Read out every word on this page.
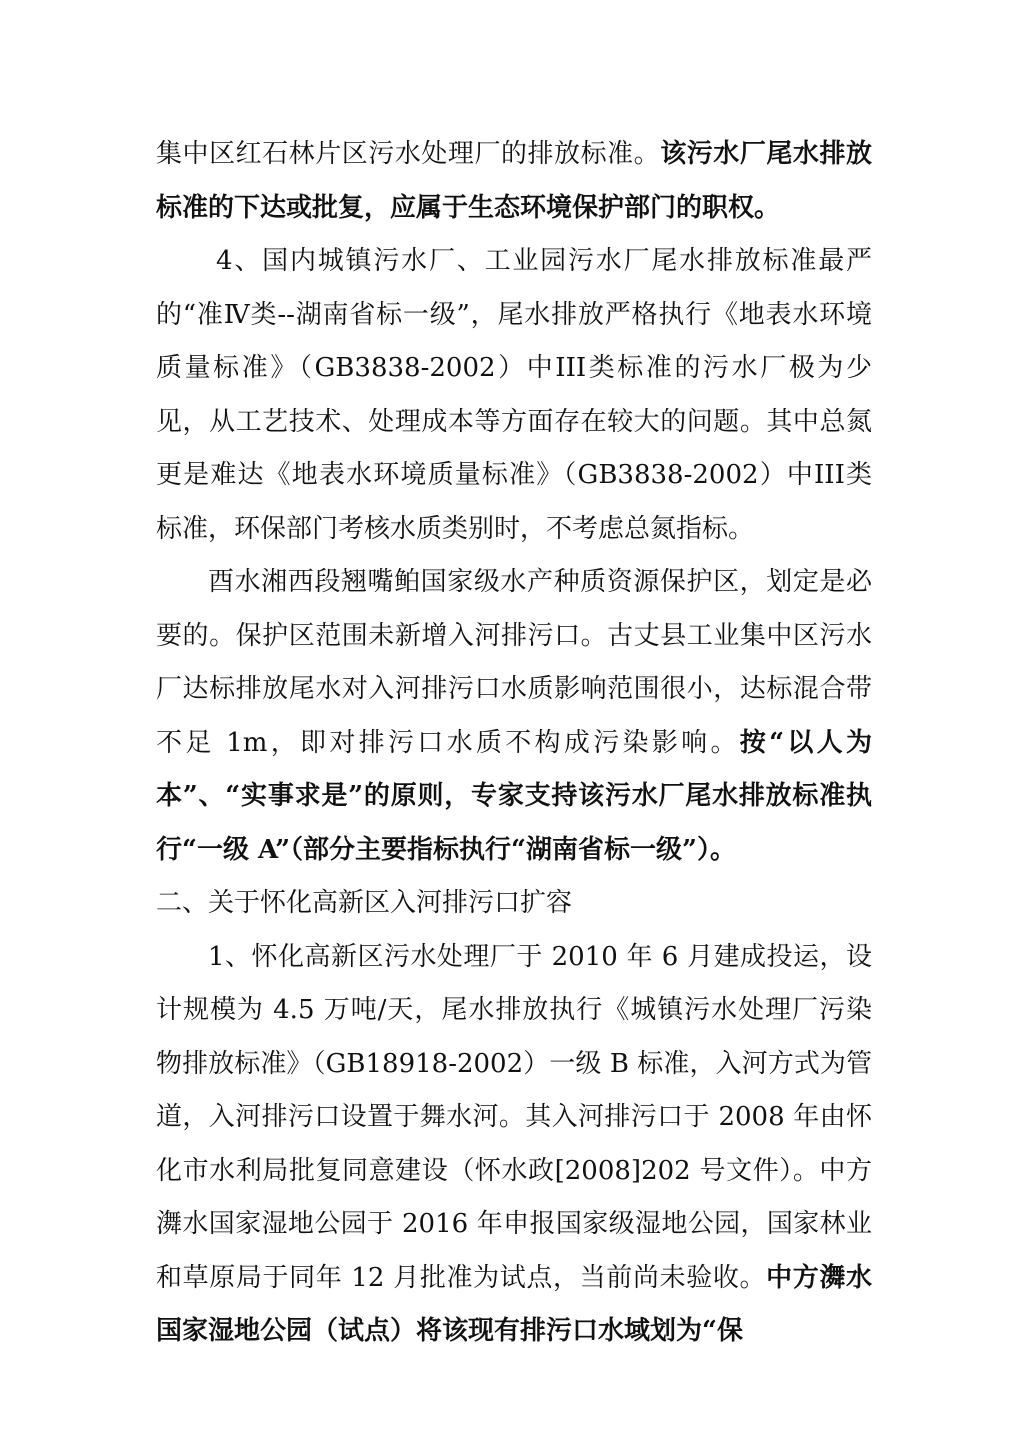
集中区红石林片区污水处理厂的排放标准。该污水厂尾水排放标准的下达或批复，应属于生态环境保护部门的职权。

4、国内城镇污水厂、工业园污水厂尾水排放标准最严的“准Ⅳ类--湖南省标一级”，尾水排放严格执行《地表水环境质量标准》（GB3838-2002）中III类标准的污水厂极为少见，从工艺技术、处理成本等方面存在较大的问题。其中总氮更是难达《地表水环境质量标准》（GB3838-2002）中III类标准，环保部门考核水质类别时，不考虑总氮指标。

酉水湘西段翘嘴鲌国家级水产种质资源保护区，划定是必要的。保护区范围未新增入河排污口。古丈县工业集中区污水厂达标排放尾水对入河排污口水质影响范围很小，达标混合带不足 1m，即对排污口水质不构成污染影响。按“以人为本”、“实事求是”的原则，专家支持该污水厂尾水排放标准执行“一级 A”（部分主要指标执行“湖南省标一级”）。

二、关于怀化高新区入河排污口扩容

1、怀化高新区污水处理厂于 2010 年 6 月建成投运，设计规模为 4.5 万吨/天，尾水排放执行《城镇污水处理厂污染物排放标准》（GB18918-2002）一级 B 标准，入河方式为管道，入河排污口设置于舞水河。其入河排污口于 2008 年由怀化市水利局批复同意建设（怀水政[2008]202 号文件）。中方㵲水国家湿地公园于 2016 年申报国家级湿地公园，国家林业和草原局于同年 12 月批准为试点，当前尚未验收。中方㵲水国家湿地公园（试点）将该现有排污口水域划为“保
